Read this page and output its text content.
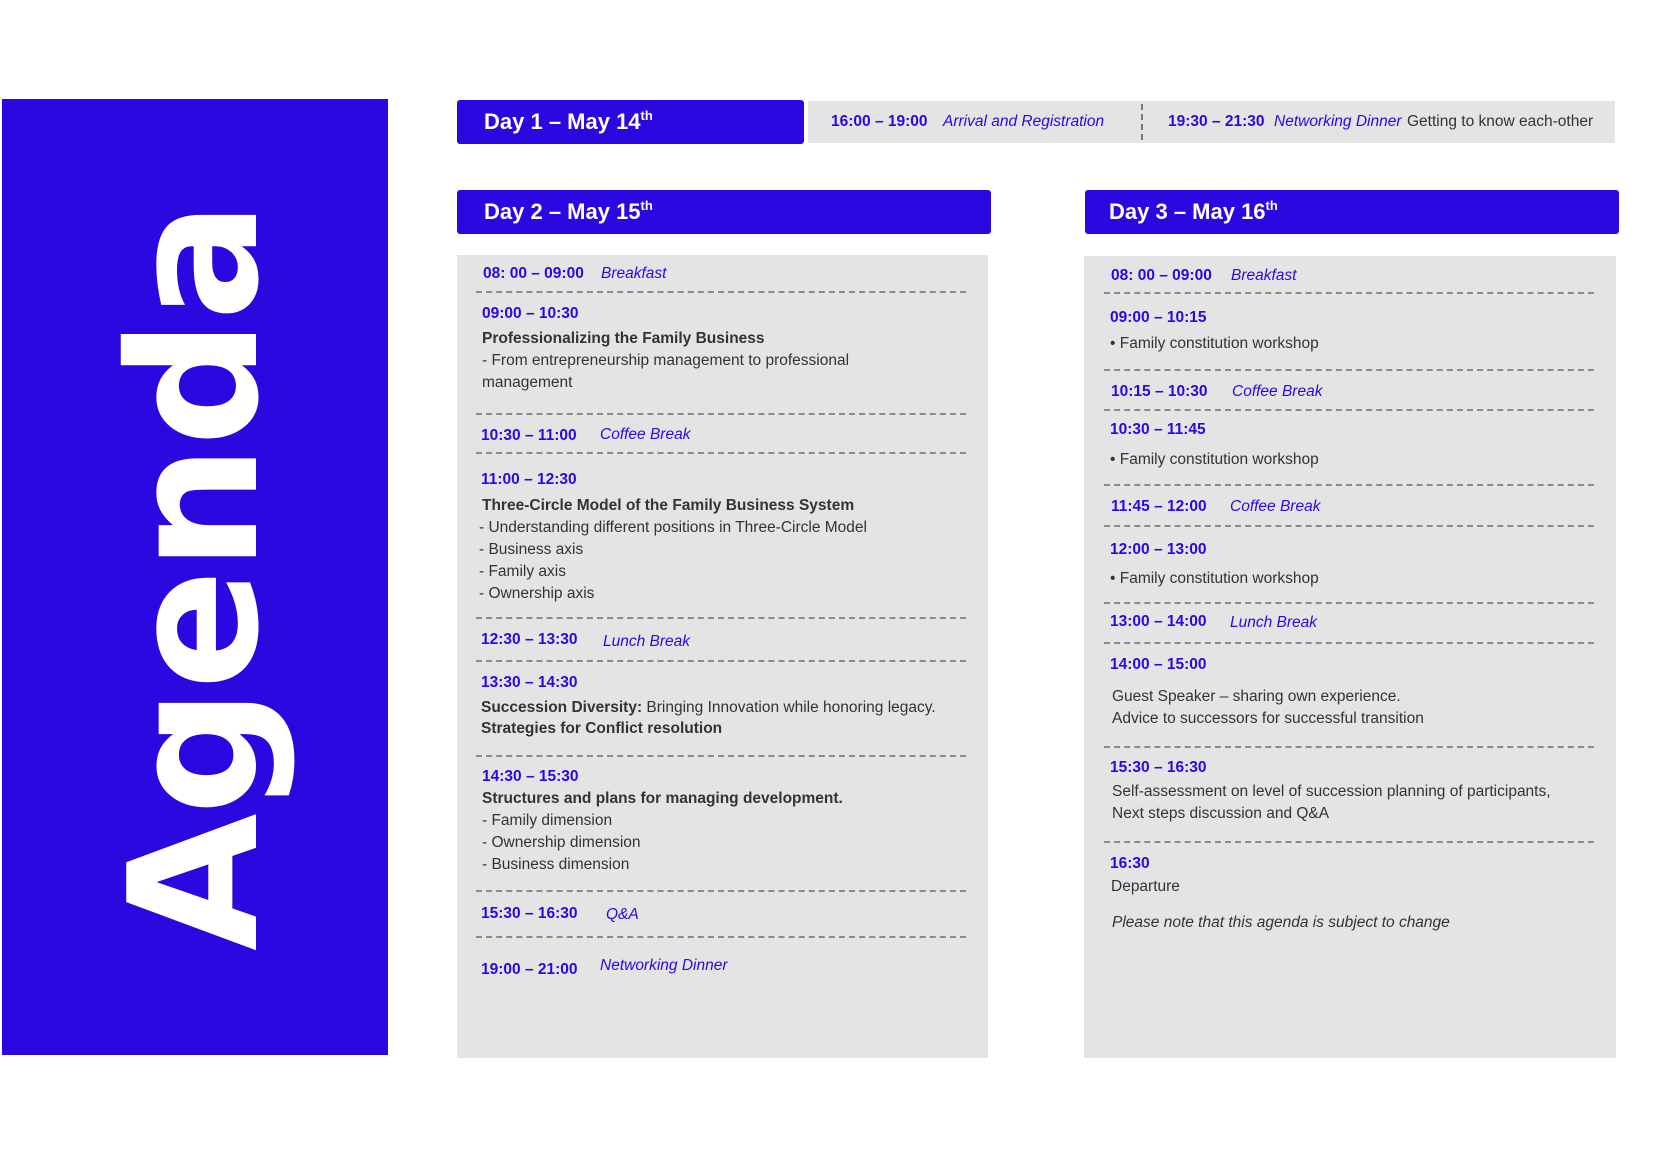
Agenda
Day 1 – May 14th	16:00 – 19:00 Arrival and Registration	19:30 – 21:30 Networking Dinner Getting to know each-other
Day 2 – May 15th
08: 00 – 09:00 Breakfast
09:00 – 10:30
Professionalizing the Family Business
- From entrepreneurship management to professional
management
10:30 – 11:00 Coffee Break
11:00 – 12:30
Three-Circle Model of the Family Business System
- Understanding different positions in Three-Circle Model
- Business axis
- Family axis
- Ownership axis
12:30 – 13:30 Lunch Break
13:30 – 14:30
Succession Diversity: Bringing Innovation while honoring legacy.
Strategies for Conflict resolution
14:30 – 15:30
Structures and plans for managing development.
- Family dimension
- Ownership dimension
- Business dimension
15:30 – 16:30 Q&A
19:00 – 21:00 Networking Dinner
Day 3 – May 16th
08: 00 – 09:00 Breakfast
09:00 – 10:15
• Family constitution workshop
10:15 – 10:30 Coffee Break
10:30 – 11:45
• Family constitution workshop
11:45 – 12:00 Coffee Break
12:00 – 13:00
• Family constitution workshop
13:00 – 14:00 Lunch Break
14:00 – 15:00
Guest Speaker – sharing own experience.
Advice to successors for successful transition
15:30 – 16:30
Self-assessment on level of succession planning of participants,
Next steps discussion and Q&A
16:30
Departure
Please note that this agenda is subject to change
